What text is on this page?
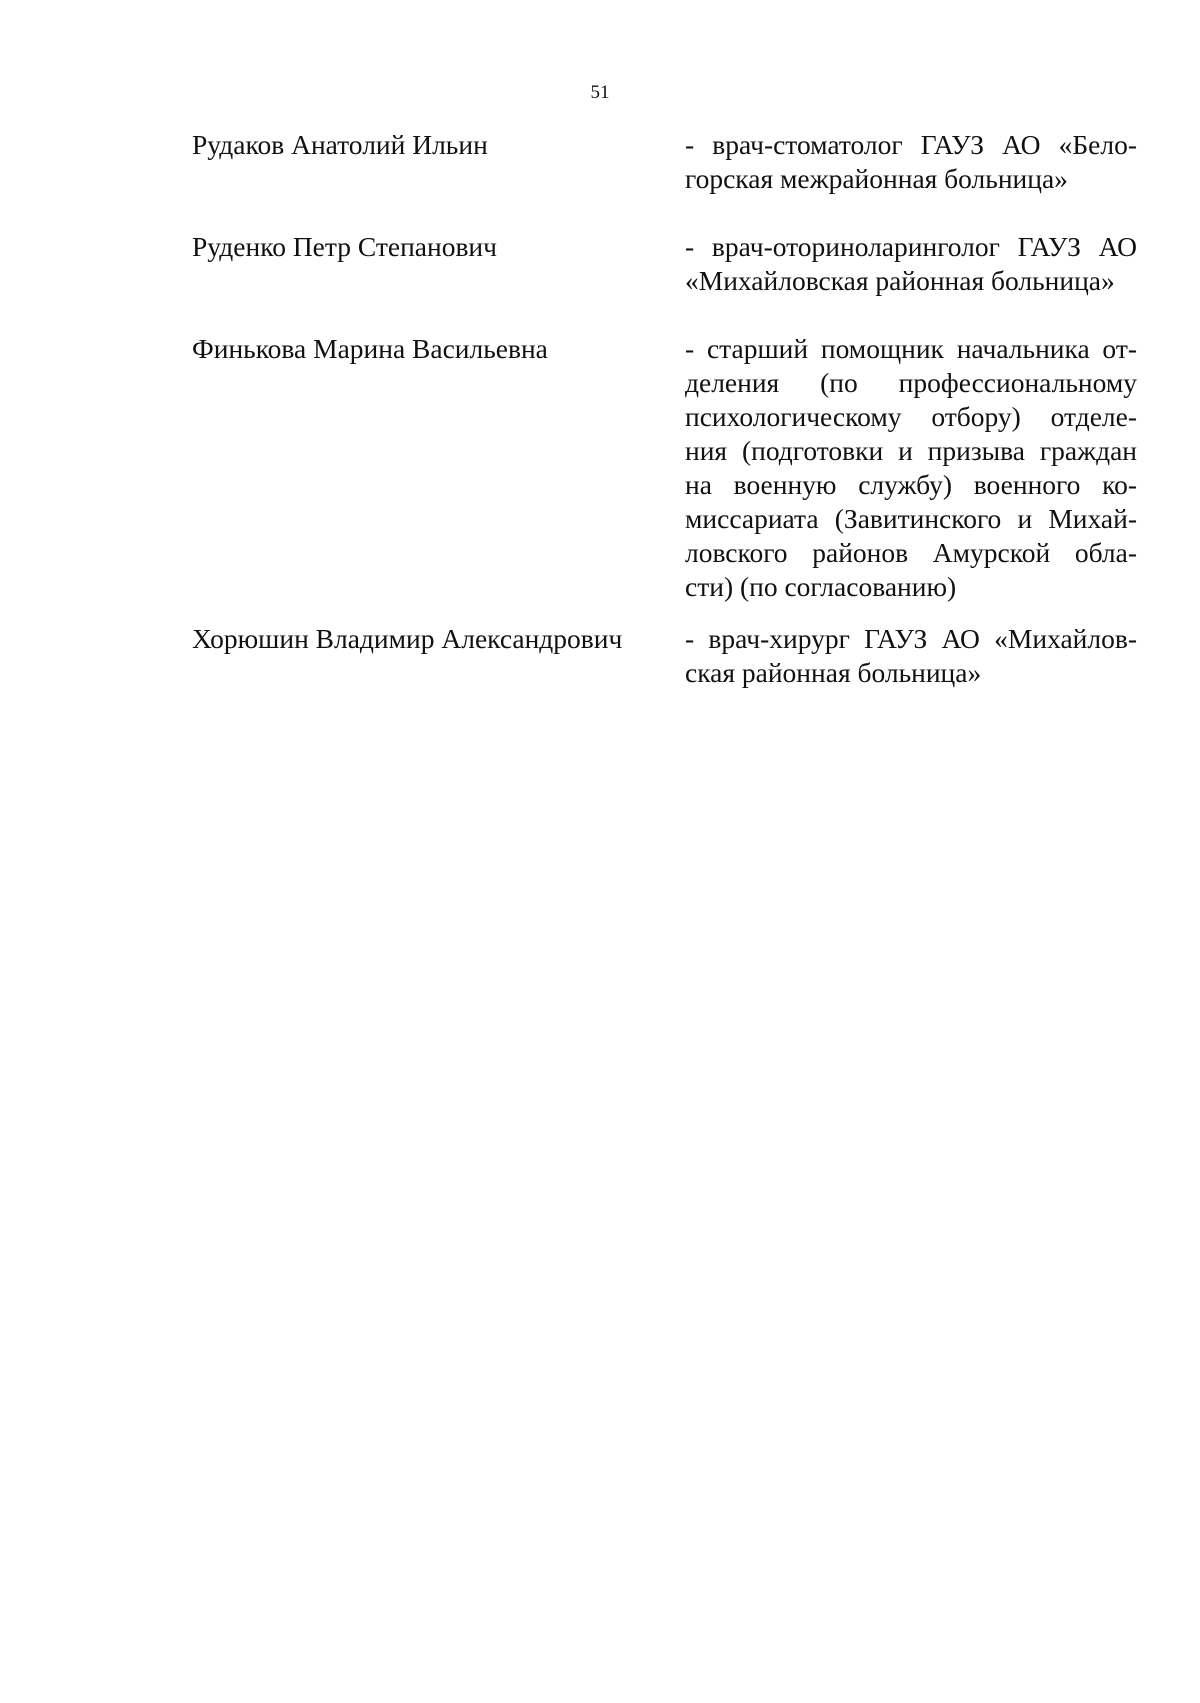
51
Рудаков Анатолий Ильин	- врач-стоматолог ГАУЗ АО «Бело-
горская межрайонная больница»
Руденко Петр Степанович	- врач-оториноларинголог ГАУЗ АО
«Михайловская районная больница»
Финькова Марина Васильевна	- старший помощник начальника от-
деления (по профессиональному
психологическому отбору) отделе-
ния (подготовки и призыва граждан
на военную службу) военного ко-
миссариата (Завитинского и Михай-
ловского районов Амурской обла-
сти) (по согласованию)
Хорюшин Владимир Александрович	- врач-хирург ГАУЗ АО «Михайлов-
ская районная больница»
